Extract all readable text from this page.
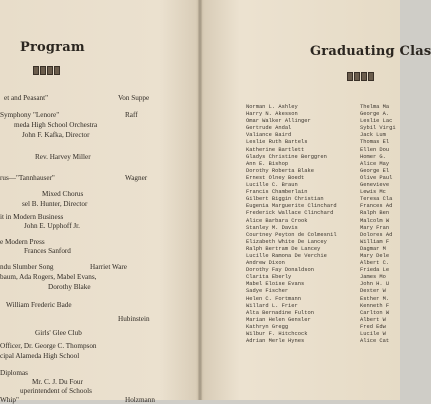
Program	Graduating Clas
et and Peasant"	Von Suppe
Symphony "Lenore"	Raff
meda High School Orchestra
John F. Kafka, Director
Rev. Harvey Miller
rus—"Tannhauser"	Wagner
Mixed Chorus
sel B. Hunter, Director
it in Modern Business
John E. Upphoff Jr.
e Modern Press
Frances Sanford
ndu Slumber Song	Harriet Ware
baum, Ada Rogers, Mabel Evans,
Dorothy Blake
William Frederic Bade
Hubinstein
Girls' Glee Club
Officer, Dr. George C. Thompson
cipal Alameda High School
Diplomas
Mr. C. J. Du Four
uperintendent of Schools
Whip"	Holzmann
Norman L. Ashley
Harry N. Akesson
Omar Walker Allinger
Gertrude Andal
Valiance Baird
Leslie Ruth Bartels
Katherine Bartlett
Gladys Christine Berggren
Ann E. Bishop
Dorothy Roberta Blake
Ernest Olney Boedt
Lucille C. Braun
Francis Chamberlain
Gilbert Biggin Christian
Eugenia Marguerite Clinchard
Frederick Wallace Clinchard
Alice Barbara Crook
Stanley M. Davis
Courtney Peyton de Colmesnil
Elizabeth White De Lancey
Ralph Bertram De Lancey
Lucille Ramona De Verchie
Andrew Dixon
Dorothy Fay Donaldson
Clarita Eberly
Mabel Eloise Evans
Sadye Fischer
Helen C. Fortmann
Willard L. Frier
Alta Bernadine Fulton
Marian Helen Gensler
Kathryn Gregg
Wilbur F. Hitchcock
Adrian Merle Hynes
Thelma Ma
George A.
Leslie Lac
Sybil Virgi
Jack Lum
Thomas El
Ellen Dou
Homer G.
Alice May
George El
Olive Paul
Genevieve
Lewis Mc
Teresa Cla
Frances Ad
Ralph Ben
Malcolm W
Mary Fran
Dolores Ad
William F
Dagmar M
Mary Dele
Albert C.
Frieda Le
James Mo
John H. U
Dexter W
Esther M.
Kenneth F
Carlton W
Albert W
Fred Edw
Lucile W
Alice Cat
